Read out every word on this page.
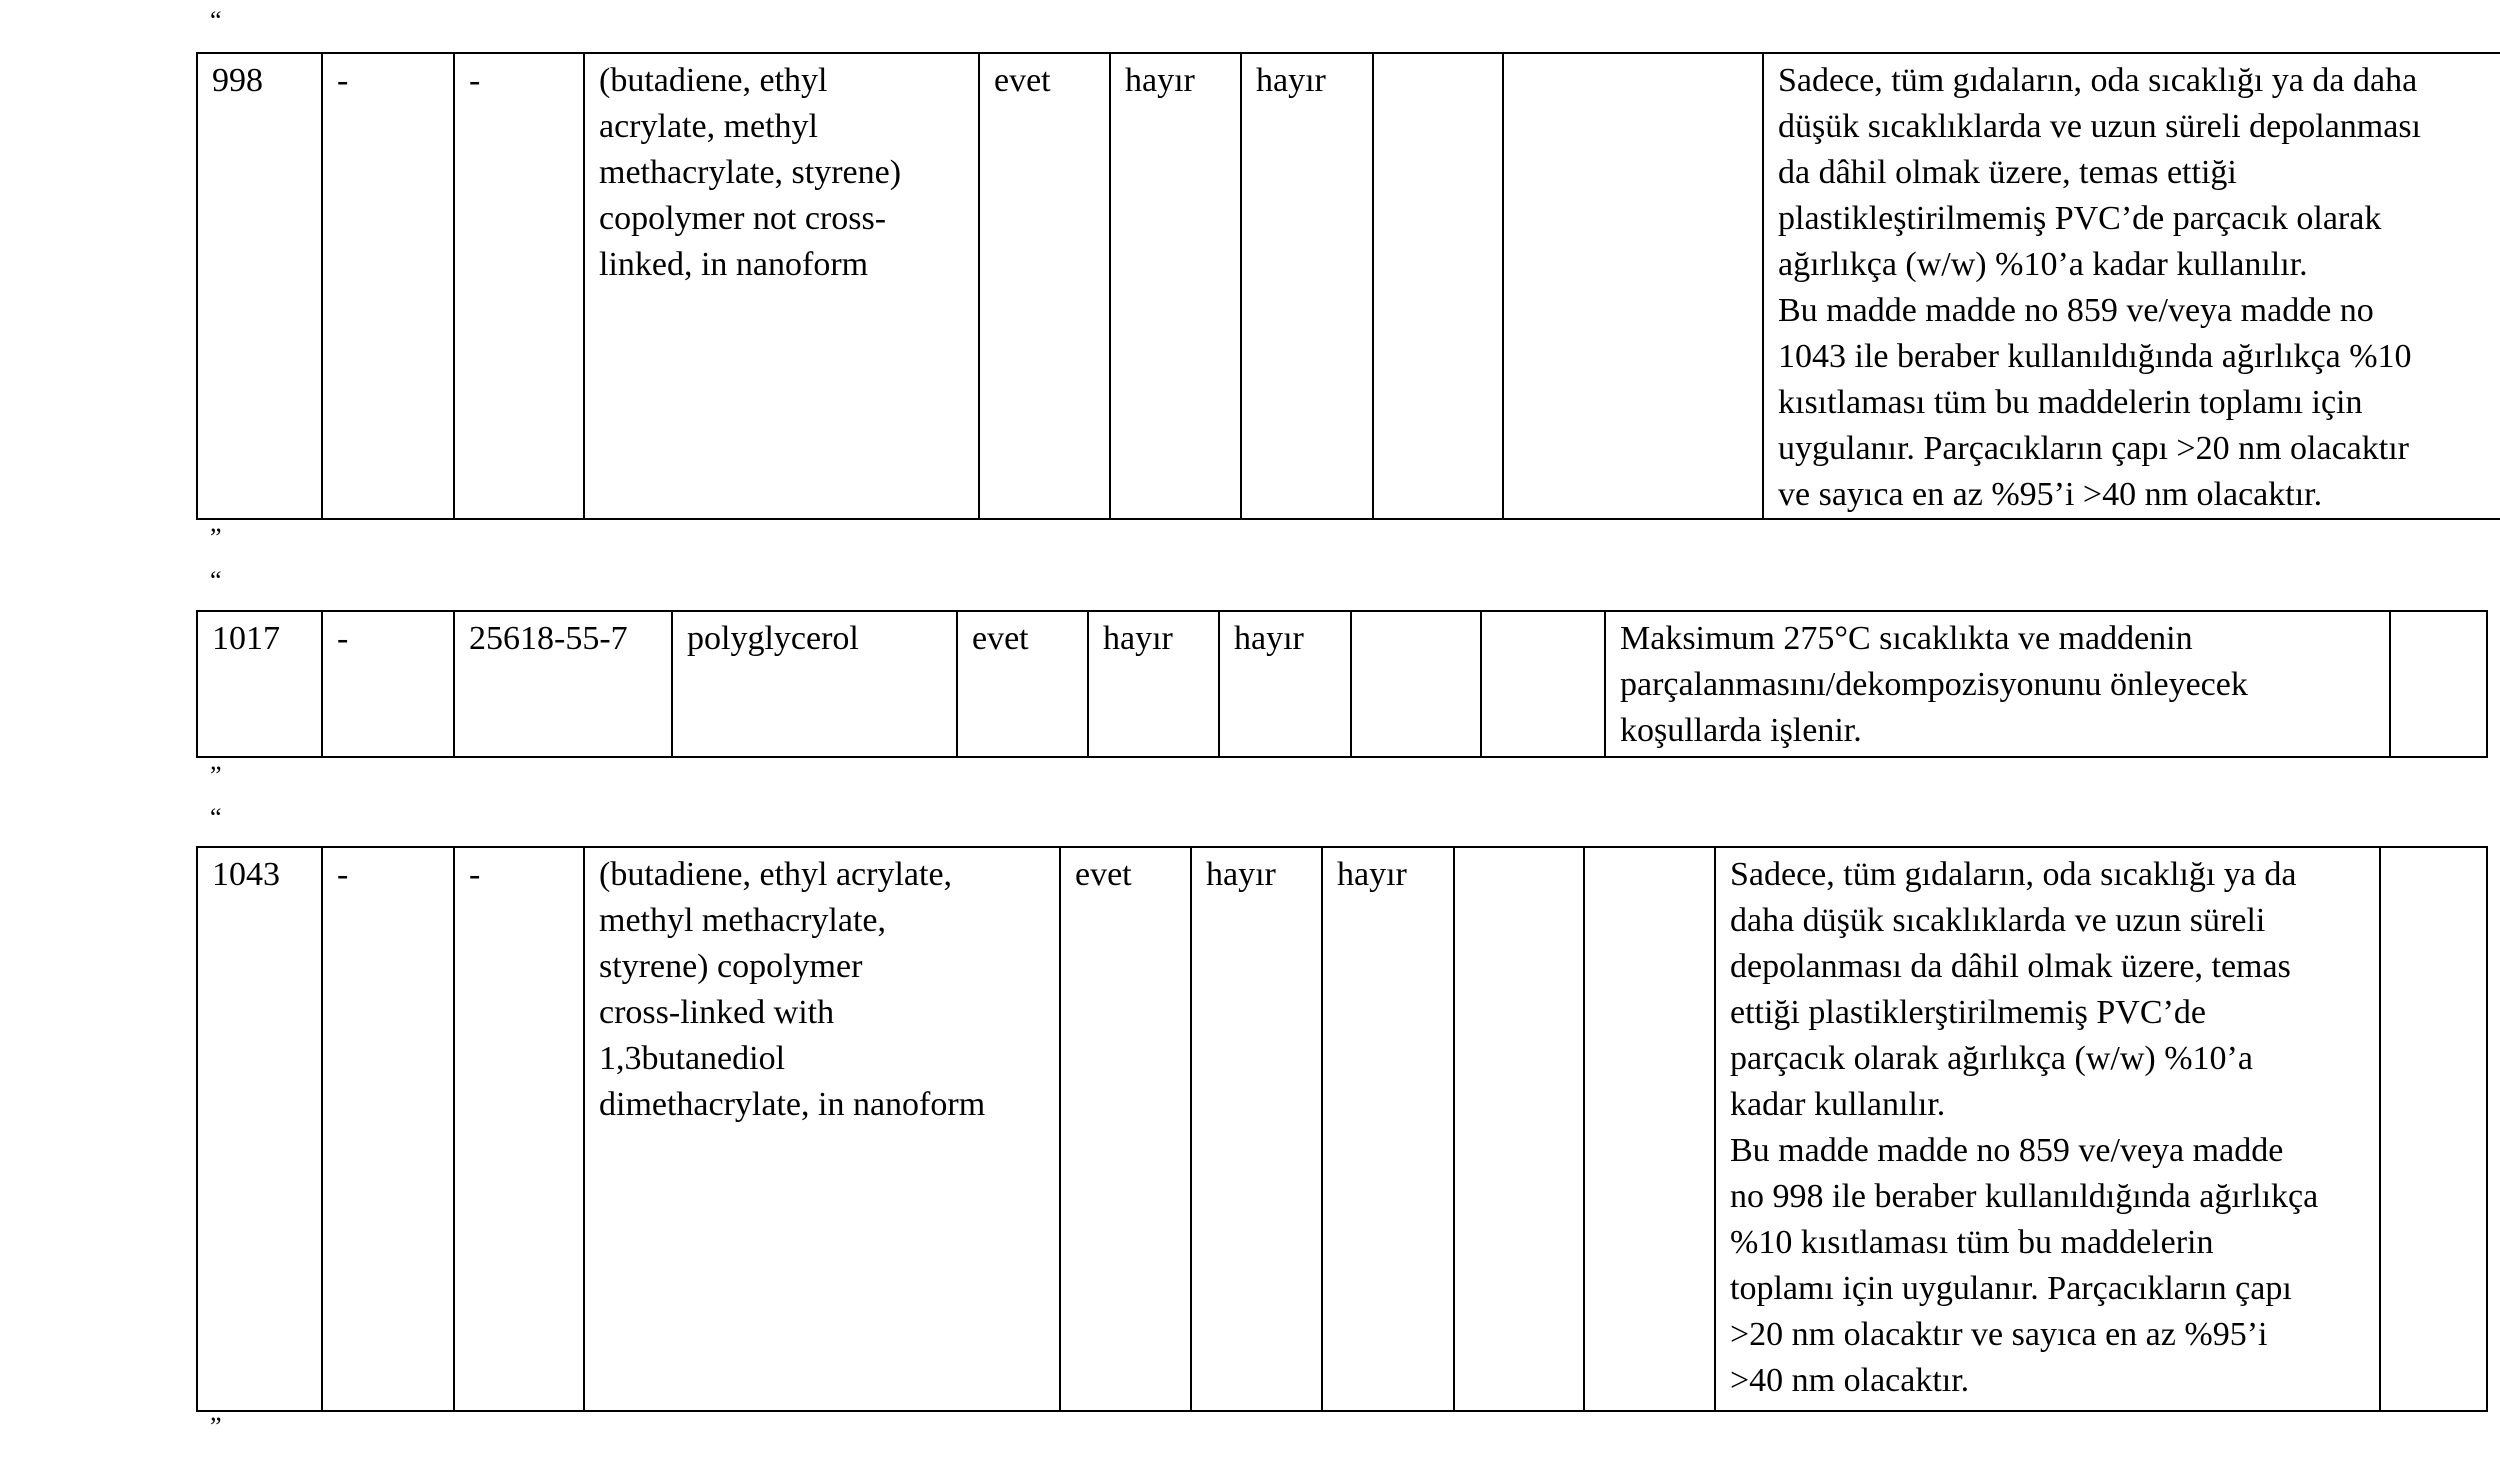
“
998	-	-	(butadiene, ethyl
acrylate, methyl
methacrylate, styrene)
copolymer not cross-
linked, in nanoform
	evet	hayır	hayır			Sadece, tüm gıdaların, oda sıcaklığı ya da daha
düşük sıcaklıklarda ve uzun süreli depolanması
da dâhil olmak üzere, temas ettiği
plastikleştirilmemiş PVC’de parçacık olarak
ağırlıkça (w/w) %10’a kadar kullanılır.
Bu madde madde no 859 ve/veya madde no
1043 ile beraber kullanıldığında ağırlıkça %10
kısıtlaması tüm bu maddelerin toplamı için
uygulanır. Parçacıkların çapı >20 nm olacaktır
ve sayıca en az %95’i >40 nm olacaktır.

”
“
1017	-	25618-55-7	polyglycerol	evet	hayır	hayır			Maksimum 275°C sıcaklıkta ve maddenin
parçalanmasını/dekompozisyonunu önleyecek
koşullarda işlenir.

”
“
1043	-	-	(butadiene, ethyl acrylate,
methyl methacrylate,
styrene) copolymer
cross-linked with
1,3butanediol
dimethacrylate, in nanoform
	evet	hayır	hayır			Sadece, tüm gıdaların, oda sıcaklığı ya da
daha düşük sıcaklıklarda ve uzun süreli
depolanması da dâhil olmak üzere, temas
ettiği plastiklerştirilmemiş PVC’de
parçacık olarak ağırlıkça (w/w) %10’a
kadar kullanılır.
Bu madde madde no 859 ve/veya madde
no 998 ile beraber kullanıldığında ağırlıkça
%10 kısıtlaması tüm bu maddelerin
toplamı için uygulanır. Parçacıkların çapı
>20 nm olacaktır ve sayıca en az %95’i
>40 nm olacaktır.

”
